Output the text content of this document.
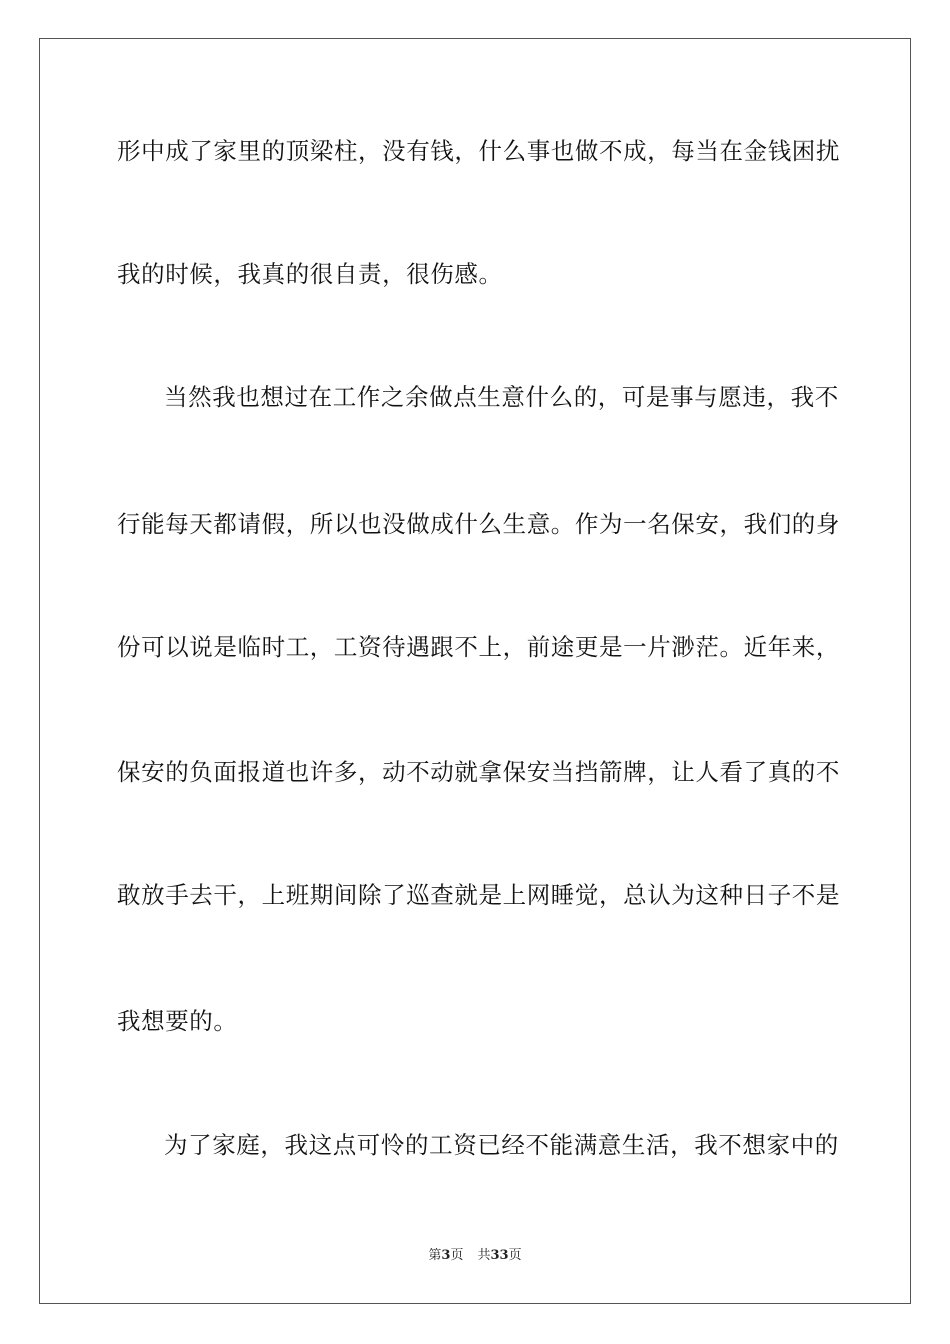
形中成了家里的顶梁柱，没有钱，什么事也做不成，每当在金钱困扰
我的时候，我真的很自责，很伤感。
当然我也想过在工作之余做点生意什么的，可是事与愿违，我不
行能每天都请假，所以也没做成什么生意。作为一名保安，我们的身
份可以说是临时工，工资待遇跟不上，前途更是一片渺茫。近年来，
保安的负面报道也许多，动不动就拿保安当挡箭牌，让人看了真的不
敢放手去干，上班期间除了巡查就是上网睡觉，总认为这种日子不是
我想要的。
为了家庭，我这点可怜的工资已经不能满意生活，我不想家中的
第3页 共33页
